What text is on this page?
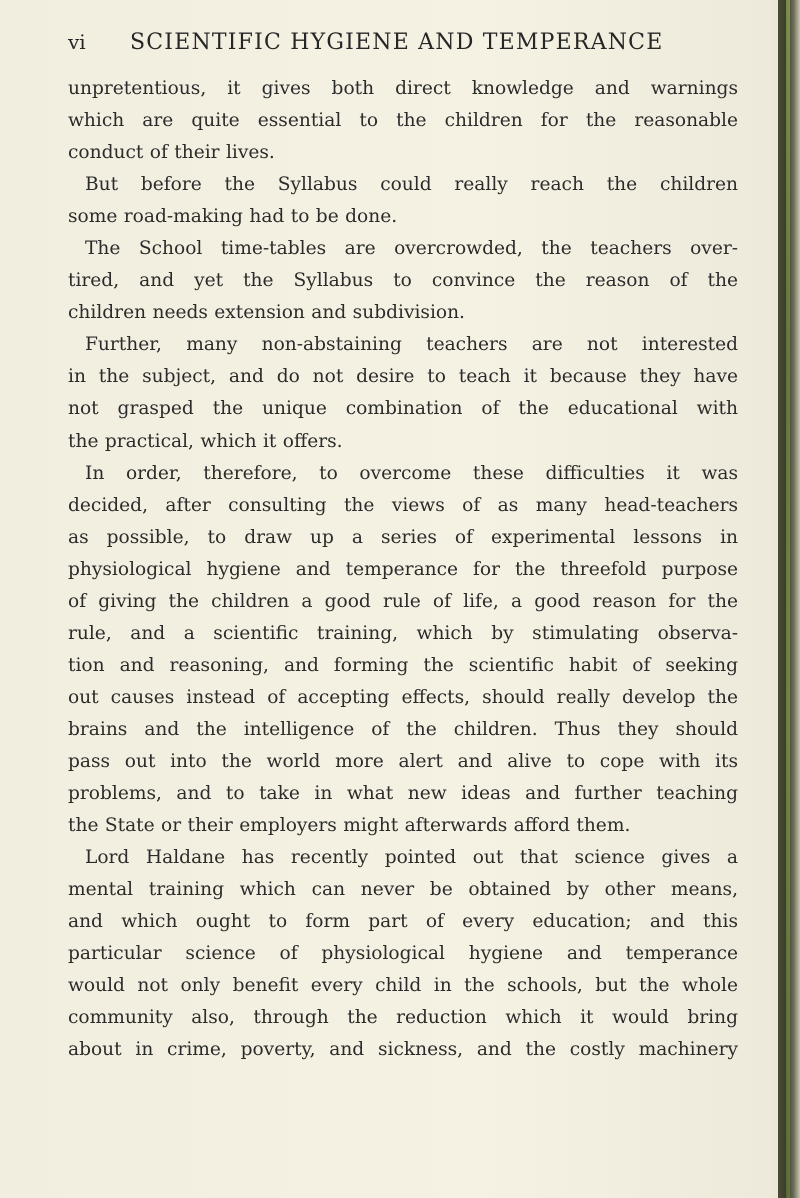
vi SCIENTIFIC HYGIENE AND TEMPERANCE
unpretentious, it gives both direct knowledge and warnings
which are quite essential to the children for the reasonable
conduct of their lives.
But before the Syllabus could really reach the children
some road-making had to be done.
The School time-tables are overcrowded, the teachers over-
tired, and yet the Syllabus to convince the reason of the
children needs extension and subdivision.
Further, many non-abstaining teachers are not interested
in the subject, and do not desire to teach it because they have
not grasped the unique combination of the educational with
the practical, which it offers.
In order, therefore, to overcome these difficulties it was
decided, after consulting the views of as many head-teachers
as possible, to draw up a series of experimental lessons in
physiological hygiene and temperance for the threefold purpose
of giving the children a good rule of life, a good reason for the
rule, and a scientific training, which by stimulating observa-
tion and reasoning, and forming the scientific habit of seeking
out causes instead of accepting effects, should really develop the
brains and the intelligence of the children. Thus they should
pass out into the world more alert and alive to cope with its
problems, and to take in what new ideas and further teaching
the State or their employers might afterwards afford them.
Lord Haldane has recently pointed out that science gives a
mental training which can never be obtained by other means,
and which ought to form part of every education; and this
particular science of physiological hygiene and temperance
would not only benefit every child in the schools, but the whole
community also, through the reduction which it would bring
about in crime, poverty, and sickness, and the costly machinery
